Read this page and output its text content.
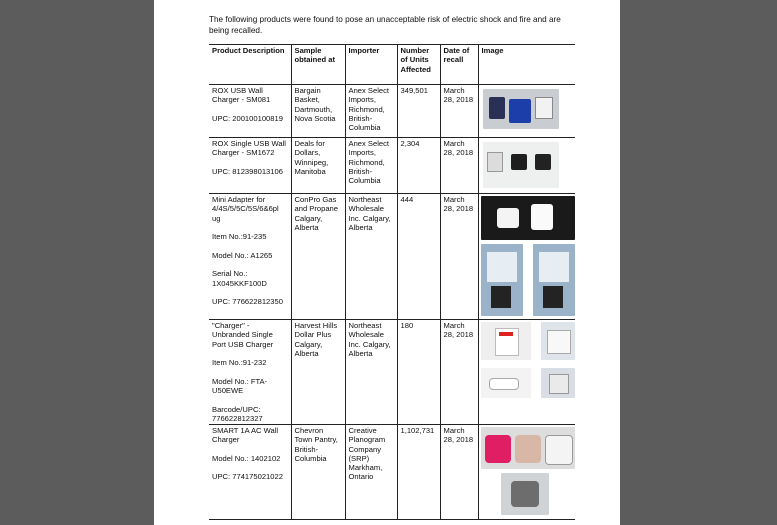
The following products were found to pose an unacceptable risk of electric shock and fire and are being recalled.
Product Description	Sample obtained at	Importer	Number of Units Affected	Date of recall	Image
ROX USB Wall Charger - SM081

UPC: 200100100819	Bargain Basket, Dartmouth, Nova Scotia	Anex Select Imports, Richmond, British-Columbia	349,501	March 28, 2018	

ROX Single USB Wall Charger - SM1672

UPC: 812398013106	Deals for Dollars, Winnipeg, Manitoba	Anex Select Imports, Richmond, British-Columbia	2,304	March 28, 2018	

Mini Adapter for 4/4S/5/5C/5S/6&6pl ug

Item No.:91-235

Model No.: A1265

Serial No.: 1X045KKF100D

UPC: 776622812350	ConPro Gas and Propane Calgary, Alberta	Northeast Wholesale Inc. Calgary, Alberta	444	March 28, 2018	

"Charger" - Unbranded Single Port USB Charger

Item No.:91-232

Model No.: FTA-U50EWE

Barcode/UPC: 776622812327	Harvest Hills Dollar Plus Calgary, Alberta	Northeast Wholesale Inc. Calgary, Alberta	180	March 28, 2018	

SMART 1A AC Wall Charger

Model No.: 1402102

UPC: 774175021022	Chevron Town Pantry, British-Columbia	Creative Planogram Company (SRP) Markham, Ontario	1,102,731	March 28, 2018	
